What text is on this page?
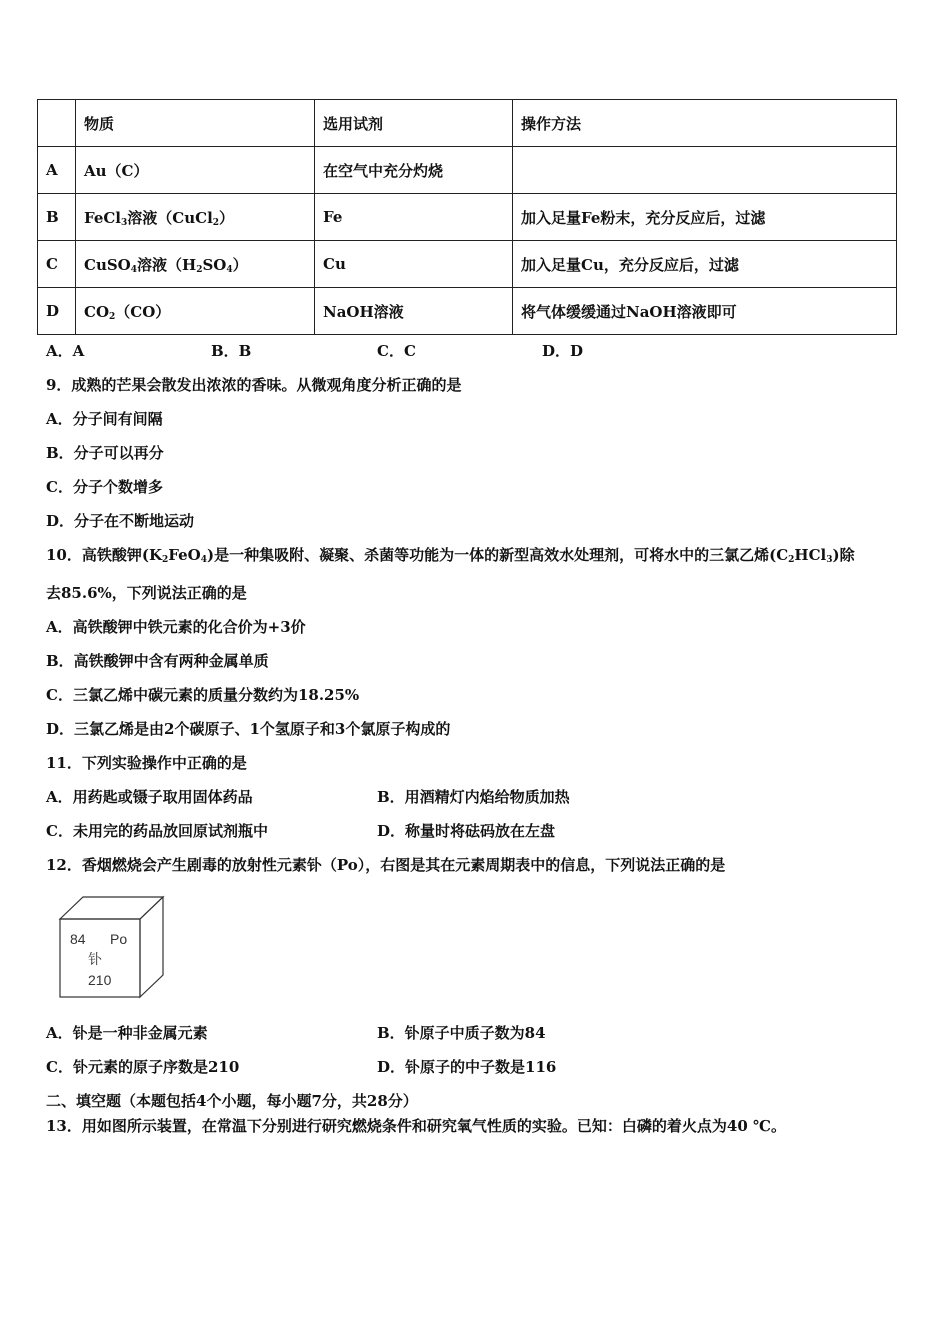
	物质	选用试剂	操作方法
A	Au（C）	在空气中充分灼烧	
B	FeCl$_3$溶液（CuCl$_2$）	Fe	加入足量Fe粉末，充分反应后，过滤
C	CuSO$_4$溶液$(H_2SO_4)$	Cu	加入足量Cu，充分反应后，过滤
D	$CO_2(CO)$	NaOH溶液	将气体缓缓通过NaOH溶液即可
A．A	B．B	C．C	D．D
9．成熟的芒果会散发出浓浓的香味。从微观角度分析正确的是
A．分子间有间隔
B．分子可以再分
C．分子个数增多
D．分子在不断地运动
10．高铁酸钾$(K_2FeO_4)$是一种集吸附、凝聚、杀菌等功能为一体的新型高效水处理剂，可将水中的三氯乙烯$(C_2HCl_3)$除
去85.6%，下列说法正确的是
A．高铁酸钾中铁元素的化合价为+3价
B．高铁酸钾中含有两种金属单质
C．三氯乙烯中碳元素的质量分数约为18.25%
D．三氯乙烯是由2个碳原子、1个氢原子和3个氯原子构成的
11．下列实验操作中正确的是
A．用药匙或镊子取用固体药品	B．用酒精灯内焰给物质加热
C．未用完的药品放回原试剂瓶中	D．称量时将砝码放在左盘
12．香烟燃烧会产生剧毒的放射性元素钋（Po），右图是其在元素周期表中的信息，下列说法正确的是
84 Po
钋
210
A．钋是一种非金属元素	B．钋原子中质子数为84
C．钋元素的原子序数是210	D．钋原子的中子数是116
二、填空题（本题包括4个小题，每小题7分，共28分）
13．用如图所示装置，在常温下分别进行研究燃烧条件和研究氧气性质的实验。已知：白磷的着火点为40 ℃。
